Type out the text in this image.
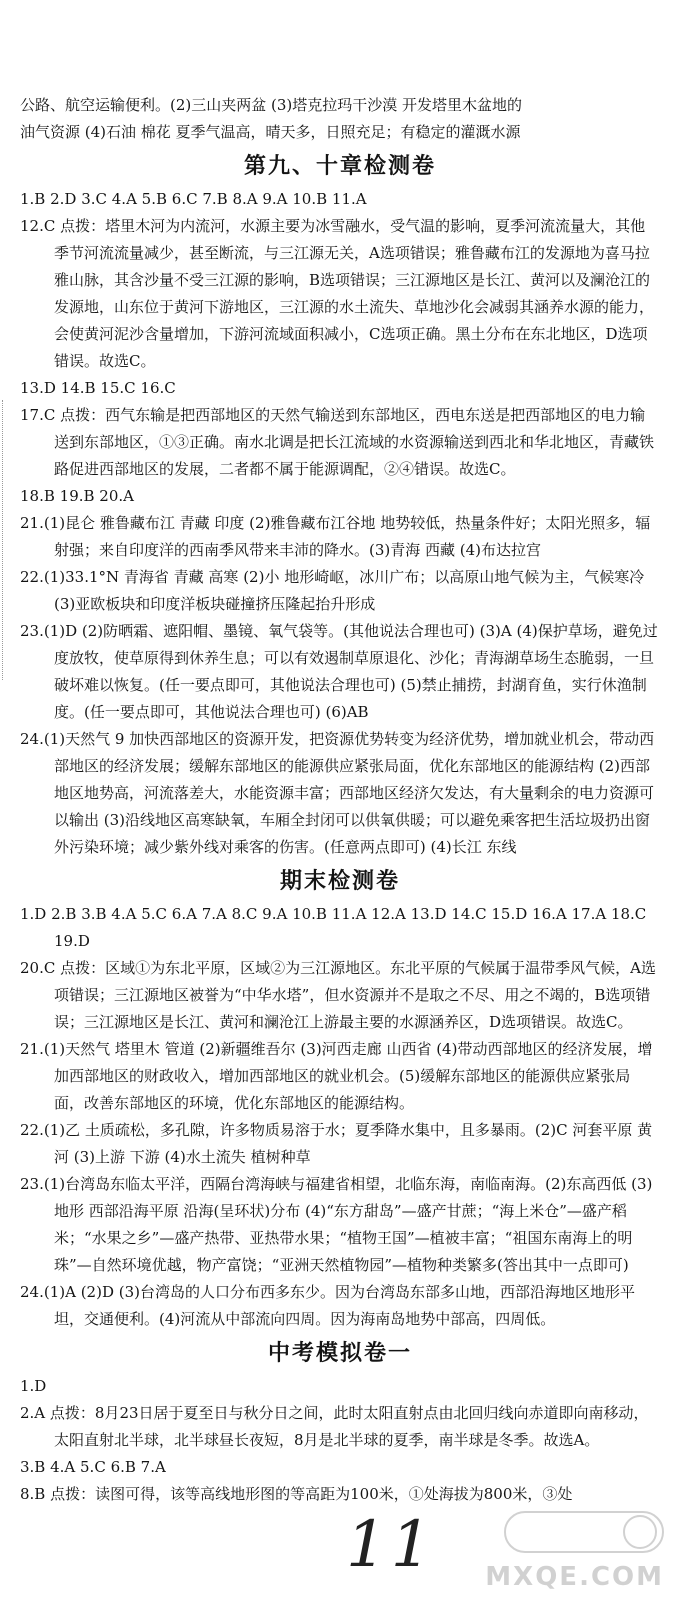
公路、航空运输便利。(2)三山夹两盆 (3)塔克拉玛干沙漠 开发塔里木盆地的

油气资源 (4)石油 棉花 夏季气温高，晴天多，日照充足；有稳定的灌溉水源

第九、十章检测卷

1.B 2.D 3.C 4.A 5.B 6.C 7.B 8.A 9.A 10.B 11.A

12.C 点拨：塔里木河为内流河，水源主要为冰雪融水，受气温的影响，夏季河流流量大，其他季节河流流量减少，甚至断流，与三江源无关，A选项错误；雅鲁藏布江的发源地为喜马拉雅山脉，其含沙量不受三江源的影响，B选项错误；三江源地区是长江、黄河以及澜沧江的发源地，山东位于黄河下游地区，三江源的水土流失、草地沙化会减弱其涵养水源的能力，会使黄河泥沙含量增加，下游河流域面积减小，C选项正确。黑土分布在东北地区，D选项错误。故选C。

13.D 14.B 15.C 16.C

17.C 点拨：西气东输是把西部地区的天然气输送到东部地区，西电东送是把西部地区的电力输送到东部地区，①③正确。南水北调是把长江流域的水资源输送到西北和华北地区，青藏铁路促进西部地区的发展，二者都不属于能源调配，②④错误。故选C。

18.B 19.B 20.A

21.(1)昆仑 雅鲁藏布江 青藏 印度 (2)雅鲁藏布江谷地 地势较低，热量条件好；太阳光照多，辐射强；来自印度洋的西南季风带来丰沛的降水。(3)青海 西藏 (4)布达拉宫

22.(1)33.1°N 青海省 青藏 高寒 (2)小 地形崎岖，冰川广布；以高原山地气候为主，气候寒冷 (3)亚欧板块和印度洋板块碰撞挤压隆起抬升形成

23.(1)D (2)防晒霜、遮阳帽、墨镜、氧气袋等。(其他说法合理也可) (3)A (4)保护草场，避免过度放牧，使草原得到休养生息；可以有效遏制草原退化、沙化；青海湖草场生态脆弱，一旦破坏难以恢复。(任一要点即可，其他说法合理也可) (5)禁止捕捞，封湖育鱼，实行休渔制度。(任一要点即可，其他说法合理也可) (6)AB

24.(1)天然气 9 加快西部地区的资源开发，把资源优势转变为经济优势，增加就业机会，带动西部地区的经济发展；缓解东部地区的能源供应紧张局面，优化东部地区的能源结构 (2)西部地区地势高，河流落差大，水能资源丰富；西部地区经济欠发达，有大量剩余的电力资源可以输出 (3)沿线地区高寒缺氧，车厢全封闭可以供氧供暖；可以避免乘客把生活垃圾扔出窗外污染环境；减少紫外线对乘客的伤害。(任意两点即可) (4)长江 东线

期末检测卷

1.D 2.B 3.B 4.A 5.C 6.A 7.A 8.C 9.A 10.B 11.A 12.A 13.D 14.C 15.D 16.A 17.A 18.C 19.D

20.C 点拨：区域①为东北平原，区域②为三江源地区。东北平原的气候属于温带季风气候，A选项错误；三江源地区被誉为“中华水塔”，但水资源并不是取之不尽、用之不竭的，B选项错误；三江源地区是长江、黄河和澜沧江上游最主要的水源涵养区，D选项错误。故选C。

21.(1)天然气 塔里木 管道 (2)新疆维吾尔 (3)河西走廊 山西省 (4)带动西部地区的经济发展，增加西部地区的财政收入，增加西部地区的就业机会。(5)缓解东部地区的能源供应紧张局面，改善东部地区的环境，优化东部地区的能源结构。

22.(1)乙 土质疏松，多孔隙，许多物质易溶于水；夏季降水集中，且多暴雨。(2)C 河套平原 黄河 (3)上游 下游 (4)水土流失 植树种草

23.(1)台湾岛东临太平洋，西隔台湾海峡与福建省相望，北临东海，南临南海。(2)东高西低 (3)地形 西部沿海平原 沿海(呈环状)分布 (4)“东方甜岛”—盛产甘蔗；“海上米仓”—盛产稻米；“水果之乡”—盛产热带、亚热带水果；“植物王国”—植被丰富；“祖国东南海上的明珠”—自然环境优越，物产富饶；“亚洲天然植物园”—植物种类繁多(答出其中一点即可)

24.(1)A (2)D (3)台湾岛的人口分布西多东少。因为台湾岛东部多山地，西部沿海地区地形平坦，交通便利。(4)河流从中部流向四周。因为海南岛地势中部高，四周低。

中考模拟卷一

1.D

2.A 点拨：8月23日居于夏至日与秋分日之间，此时太阳直射点由北回归线向赤道即向南移动，太阳直射北半球，北半球昼长夜短，8月是北半球的夏季，南半球是冬季。故选A。

3.B 4.A 5.C 6.B 7.A

8.B 点拨：读图可得，该等高线地形图的等高距为100米，①处海拔为800米，③处

11 MXQE.COM
